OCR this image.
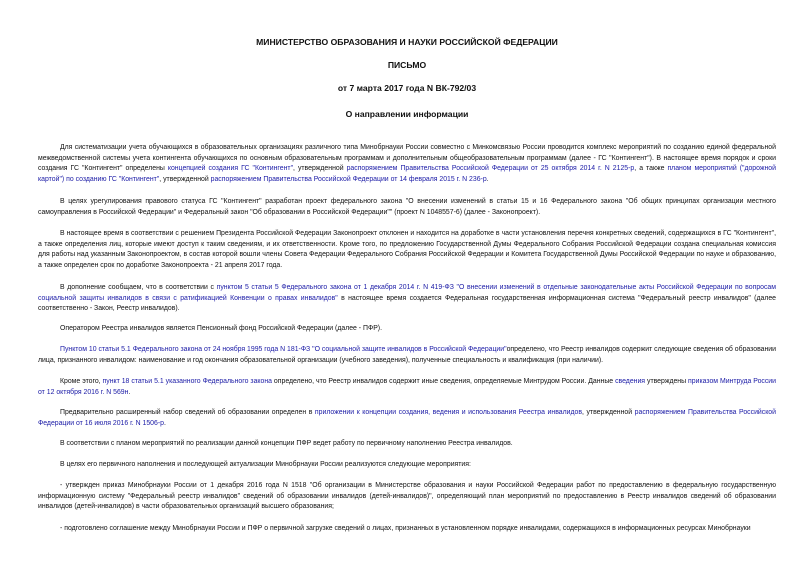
МИНИСТЕРСТВО ОБРАЗОВАНИЯ И НАУКИ РОССИЙСКОЙ ФЕДЕРАЦИИ
ПИСЬМО
от 7 марта 2017 года N ВК-792/03
О направлении информации
Для систематизации учета обучающихся в образовательных организациях различного типа Минобрнауки России совместно с Минкомсвязью России проводится комплекс мероприятий по созданию единой федеральной межведомственной системы учета контингента обучающихся по основным образовательным программам и дополнительным общеобразовательным программам (далее - ГС "Контингент"). В настоящее время порядок и сроки создания ГС "Контингент" определены концепцией создания ГС "Контингент", утвержденной распоряжением Правительства Российской Федерации от 25 октября 2014 г. N 2125-р, а также планом мероприятий ("дорожной картой") по созданию ГС "Контингент", утвержденной распоряжением Правительства Российской Федерации от 14 февраля 2015 г. N 236-р.
В целях урегулирования правового статуса ГС "Контингент" разработан проект федерального закона "О внесении изменений в статьи 15 и 16 Федерального закона "Об общих принципах организации местного самоуправления в Российской Федерации" и Федеральный закон "Об образовании в Российской Федерации"" (проект N 1048557-6) (далее - Законопроект).
В настоящее время в соответствии с решением Президента Российской Федерации Законопроект отклонен и находится на доработке в части установления перечня конкретных сведений, содержащихся в ГС "Контингент", а также определения лиц, которые имеют доступ к таким сведениям, и их ответственности. Кроме того, по предложению Государственной Думы Федерального Собрания Российской Федерации создана специальная комиссия для работы над указанным Законопроектом, в состав которой вошли члены Совета Федерации Федерального Собрания Российской Федерации и Комитета Государственной Думы Российской Федерации по науке и образованию, а также определен срок по доработке Законопроекта - 21 апреля 2017 года.
В дополнение сообщаем, что в соответствии с пунктом 5 статьи 5 Федерального закона от 1 декабря 2014 г. N 419-ФЗ "О внесении изменений в отдельные законодательные акты Российской Федерации по вопросам социальной защиты инвалидов в связи с ратификацией Конвенции о правах инвалидов" в настоящее время создается Федеральная государственная информационная система "Федеральный реестр инвалидов" (далее соответственно - Закон, Реестр инвалидов).
Оператором Реестра инвалидов является Пенсионный фонд Российской Федерации (далее - ПФР).
Пунктом 10 статьи 5.1 Федерального закона от 24 ноября 1995 года N 181-ФЗ "О социальной защите инвалидов в Российской Федерации"определено, что Реестр инвалидов содержит следующие сведения об образовании лица, признанного инвалидом: наименование и год окончания образовательной организации (учебного заведения), полученные специальность и квалификация (при наличии).
Кроме этого, пункт 18 статьи 5.1 указанного Федерального закона определено, что Реестр инвалидов содержит иные сведения, определяемые Минтрудом России. Данные сведения утверждены приказом Минтруда России от 12 октября 2016 г. N 569н.
Предварительно расширенный набор сведений об образовании определен в приложении к концепции создания, ведения и использования Реестра инвалидов, утвержденной распоряжением Правительства Российской Федерации от 16 июля 2016 г. N 1506-р.
В соответствии с планом мероприятий по реализации данной концепции ПФР ведет работу по первичному наполнению Реестра инвалидов.
В целях его первичного наполнения и последующей актуализации Минобрнауки России реализуются следующие мероприятия:
- утвержден приказ Минобрнауки России от 1 декабря 2016 года N 1518 "Об организации в Министерстве образования и науки Российской Федерации работ по предоставлению в федеральную государственную информационную систему "Федеральный реестр инвалидов" сведений об образовании инвалидов (детей-инвалидов)", определяющий план мероприятий по предоставлению в Реестр инвалидов сведений об образовании инвалидов (детей-инвалидов) в части образовательных организаций высшего образования;
- подготовлено соглашение между Минобрнауки России и ПФР о первичной загрузке сведений о лицах, признанных в установленном порядке инвалидами, содержащихся в информационных ресурсах Минобрнауки
